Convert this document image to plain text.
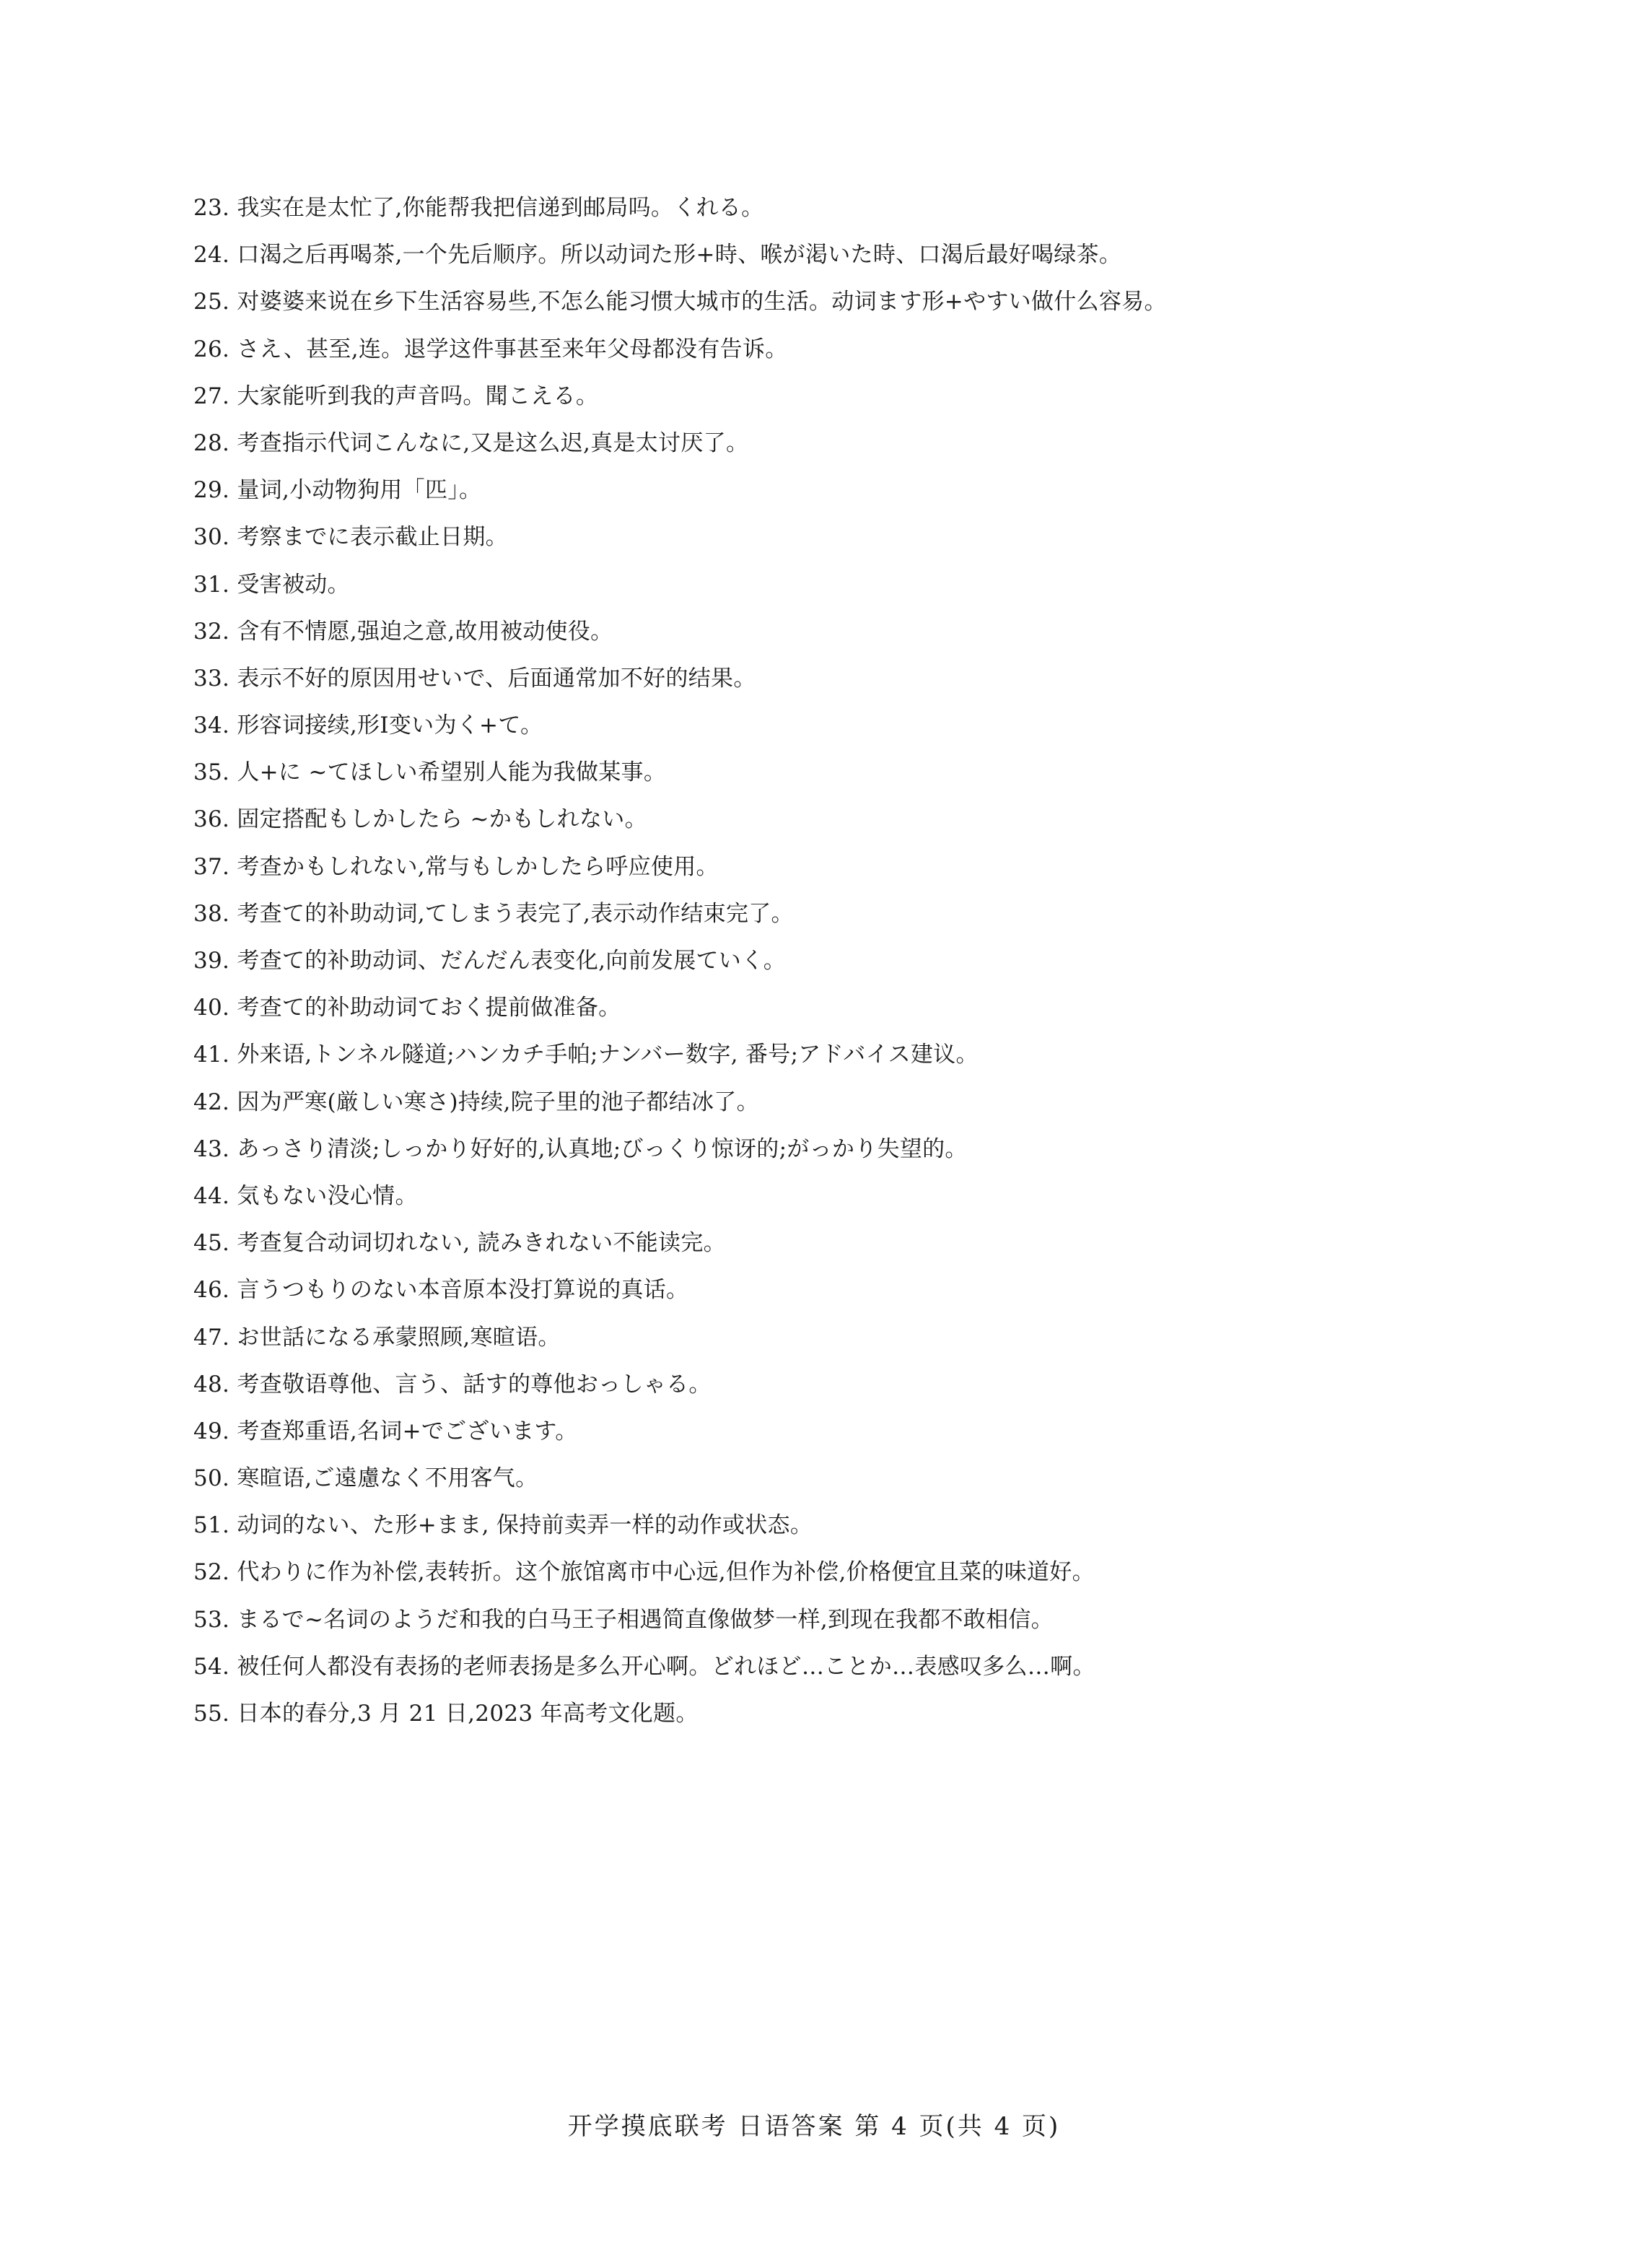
23. 我实在是太忙了,你能帮我把信递到邮局吗。くれる。
24. 口渴之后再喝茶,一个先后顺序。所以动词た形+時、喉が渇いた時、口渴后最好喝绿茶。
25. 对婆婆来说在乡下生活容易些,不怎么能习惯大城市的生活。动词ます形+やすい做什么容易。
26. さえ、甚至,连。退学这件事甚至来年父母都没有告诉。
27. 大家能听到我的声音吗。聞こえる。
28. 考查指示代词こんなに,又是这么迟,真是太讨厌了。
29. 量词,小动物狗用「匹」。
30. 考察までに表示截止日期。
31. 受害被动。
32. 含有不情愿,强迫之意,故用被动使役。
33. 表示不好的原因用せいで、后面通常加不好的结果。
34. 形容词接续,形Ⅰ变い为く+て。
35. 人+に ~てほしい希望别人能为我做某事。
36. 固定搭配もしかしたら ~かもしれない。
37. 考查かもしれない,常与もしかしたら呼应使用。
38. 考查て的补助动词,てしまう表完了,表示动作结束完了。
39. 考查て的补助动词、だんだん表变化,向前发展ていく。
40. 考查て的补助动词ておく提前做准备。
41. 外来语,トンネル隧道;ハンカチ手帕;ナンバー数字, 番号;アドバイス建议。
42. 因为严寒(厳しい寒さ)持续,院子里的池子都结冰了。
43. あっさり清淡;しっかり好好的,认真地;びっくり惊讶的;がっかり失望的。
44. 気もない没心情。
45. 考查复合动词切れない, 読みきれない不能读完。
46. 言うつもりのない本音原本没打算说的真话。
47. お世話になる承蒙照顾,寒暄语。
48. 考查敬语尊他、言う、話す的尊他おっしゃる。
49. 考查郑重语,名词+でございます。
50. 寒暄语,ご遠慮なく不用客气。
51. 动词的ない、た形+まま, 保持前卖弄一样的动作或状态。
52. 代わりに作为补偿,表转折。这个旅馆离市中心远,但作为补偿,价格便宜且菜的味道好。
53. まるで~名词のようだ和我的白马王子相遇简直像做梦一样,到现在我都不敢相信。
54. 被任何人都没有表扬的老师表扬是多么开心啊。どれほど…ことか…表感叹多么…啊。
55. 日本的春分,3 月 21 日,2023 年高考文化题。
开学摸底联考 日语答案 第 4 页(共 4 页)
